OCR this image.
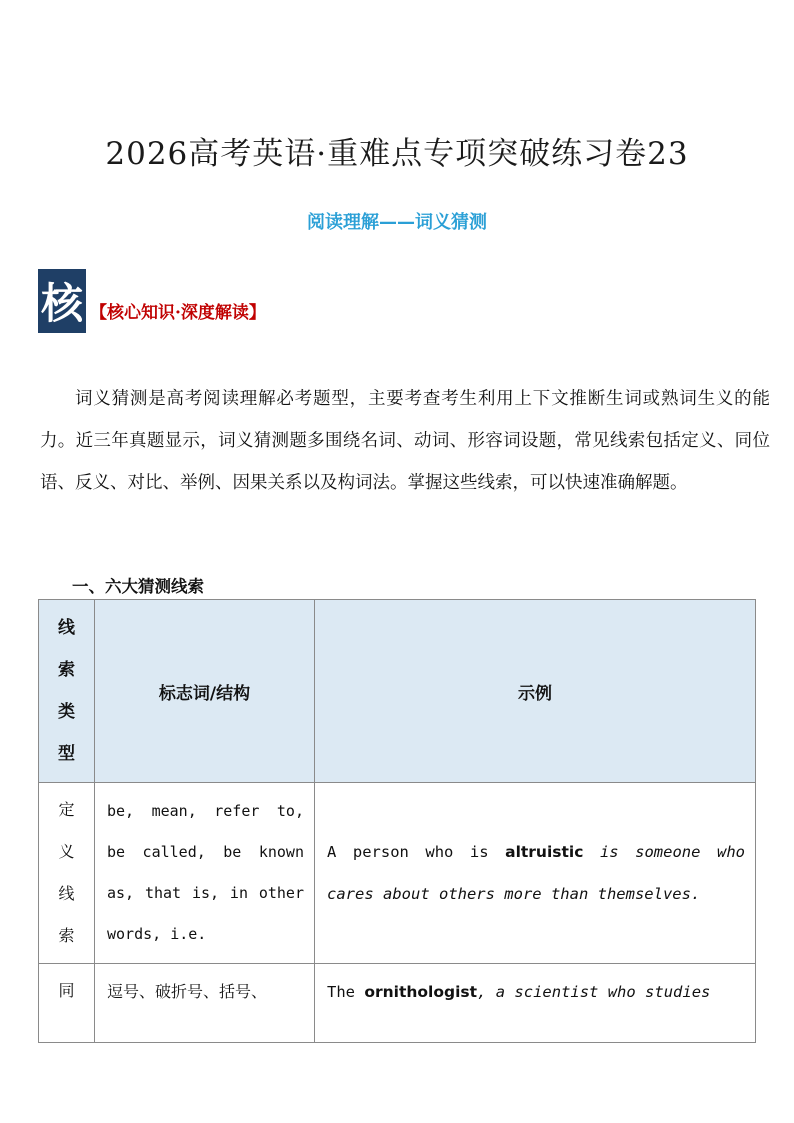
2026高考英语·重难点专项突破练习卷23
阅读理解——词义猜测
核 【核心知识·深度解读】

词义猜测是高考阅读理解必考题型，主要考查考生利用上下文推断生词或熟词生义的能力。近三年真题显示，词义猜测题多围绕名词、动词、形容词设题，常见线索包括定义、同位语、反义、对比、举例、因果关系以及构词法。掌握这些线索，可以快速准确解题。

一、六大猜测线索
线索类型	标志词/结构	示例
定义线索	be, mean, refer to, be called, be known as, that is, in other words, i.e.	A person who is altruistic is someone who cares about others more than themselves.
同	逗号、破折号、括号、	The ornithologist, a scientist who studies
